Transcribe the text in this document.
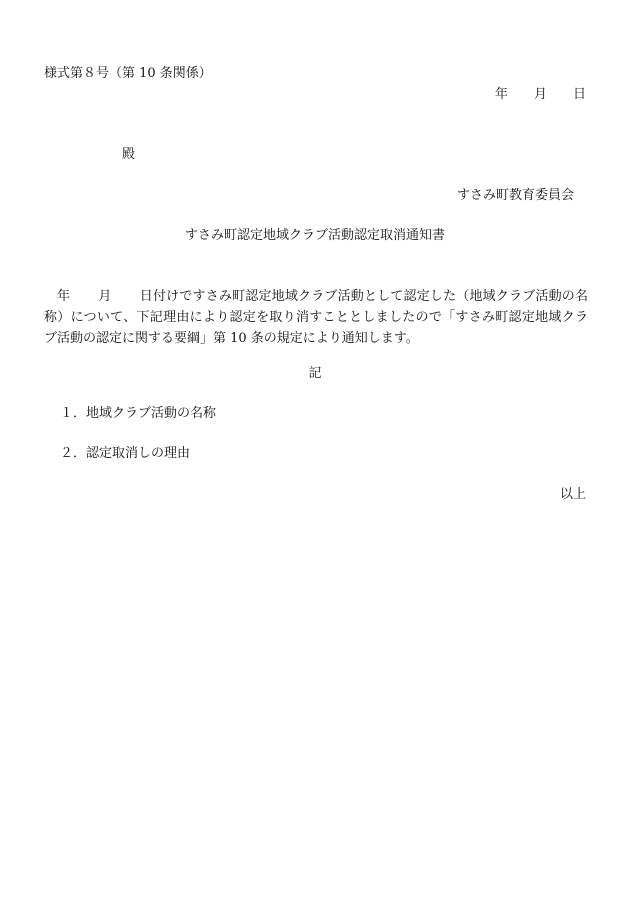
様式第８号（第 10 条関係）
年 月 日
殿
すさみ町教育委員会
すさみ町認定地域クラブ活動認定取消通知書
年 月 日付けですさみ町認定地域クラブ活動として認定した（地域クラブ活動の名称）について、下記理由により認定を取り消すこととしましたので「すさみ町認定地域クラブ活動の認定に関する要綱」第 10 条の規定により通知します。
記
１．地域クラブ活動の名称
２．認定取消しの理由
以上
